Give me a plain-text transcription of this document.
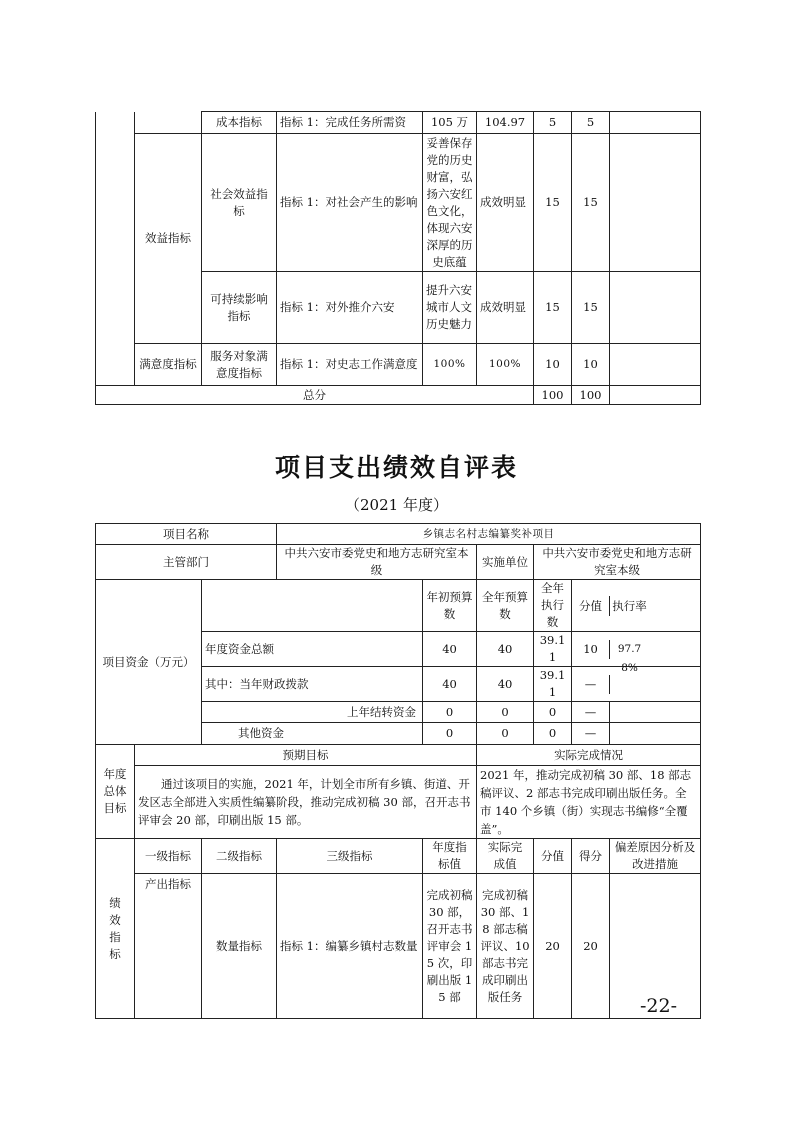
		成本指标	指标 1：完成任务所需资	105 万	104.97	5	5	
	效益指标	社会效益指标	指标 1：对社会产生的影响	妥善保存党的历史财富，弘扬六安红色文化，体现六安深厚的历史底蕴	成效明显	15	15	
		可持续影响指标	指标 1：对外推介六安	提升六安城市人文历史魅力	成效明显	15	15	
	满意度指标	服务对象满意度指标	指标 1：对史志工作满意度	100%	100%	10	10	
总分						100	100	
项目支出绩效自评表
（2021 年度）
项目名称			乡镇志名村志编纂奖补项目						
主管部门			中共六安市委党史和地方志研究室本级		实施单位	中共六安市委党史和地方志研究室本级			
项目资金（万元）				年初预算数	全年预算数	全年执行数	分值 执行率

		年度资金总额		40	40	39.11	10 97.78%

		其中：当年财政拨款		40	40	39.11	—

		上年结转资金		0	0	0	—

		其他资金		0	0	0	—

年度总体目标	预期目标				实际完成情况				
	通过该项目的实施，2021 年，计划全市所有乡镇、街道、开发区志全部进入实质性编纂阶段，推动完成初稿 30 部，召开志书评审会 20 部，印刷出版 15 部。				2021 年，推动完成初稿 30 部、18 部志稿评议、2 部志书完成印刷出版任务。全市 140 个乡镇（街）实现志书编修“全覆盖”。				
绩效指标	一级指标	二级指标	三级指标	年度指标值	实际完成值	分值	得分	偏差原因分析及改进措施	
	产出指标	数量指标	指标 1：编纂乡镇村志数量	完成初稿 30 部，召开志书评审会 15 次，印刷出版 15 部	完成初稿 30 部、18 部志稿评议、10 部志书完成印刷出版任务	20	20		
-22-
